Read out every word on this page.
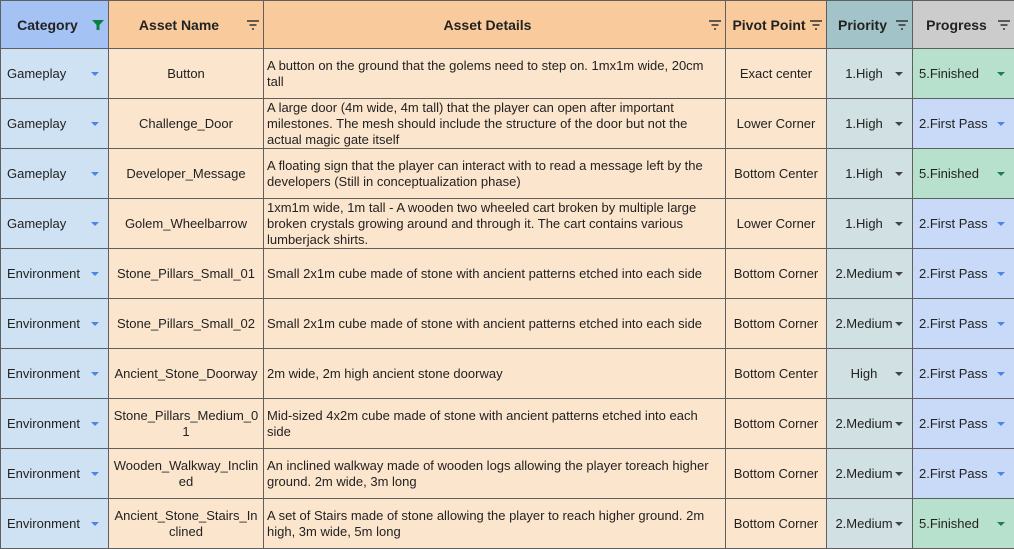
Category	Asset Name	Asset Details	Pivot Point	Priority	Progress

Gameplay	Button	A button on the ground that the golems need to step on. 1mx1m wide, 20cm tall	Exact center	1.High	5.Finished

Gameplay	Challenge_Door	A large door (4m wide, 4m tall) that the player can open after important milestones. The mesh should include the structure of the door but not the actual magic gate itself	Lower Corner	1.High	2.First Pass

Gameplay	Developer_Message	A floating sign that the player can interact with to read a message left by the developers (Still in conceptualization phase)	Bottom Center	1.High	5.Finished

Gameplay	Golem_Wheelbarrow	1xm1m wide, 1m tall - A wooden two wheeled cart broken by multiple large broken crystals growing around and through it. The cart contains various lumberjack shirts.	Lower Corner	1.High	2.First Pass

Environment	Stone_Pillars_Small_01	Small 2x1m cube made of stone with ancient patterns etched into each side	Bottom Corner	2.Medium	2.First Pass

Environment	Stone_Pillars_Small_02	Small 2x1m cube made of stone with ancient patterns etched into each side	Bottom Corner	2.Medium	2.First Pass

Environment	Ancient_Stone_Doorway	2m wide, 2m high ancient stone doorway	Bottom Center	High	2.First Pass

Environment	Stone_Pillars_Medium_01	Mid-sized 4x2m cube made of stone with ancient patterns etched into each side	Bottom Corner	2.Medium	2.First Pass

Environment	Wooden_Walkway_Inclined	An inclined walkway made of wooden logs allowing the player toreach higher ground. 2m wide, 3m long	Bottom Corner	2.Medium	2.First Pass

Environment	Ancient_Stone_Stairs_Inclined	A set of Stairs made of stone allowing the player to reach higher ground. 2m high, 3m wide, 5m long	Bottom Corner	2.Medium	5.Finished
